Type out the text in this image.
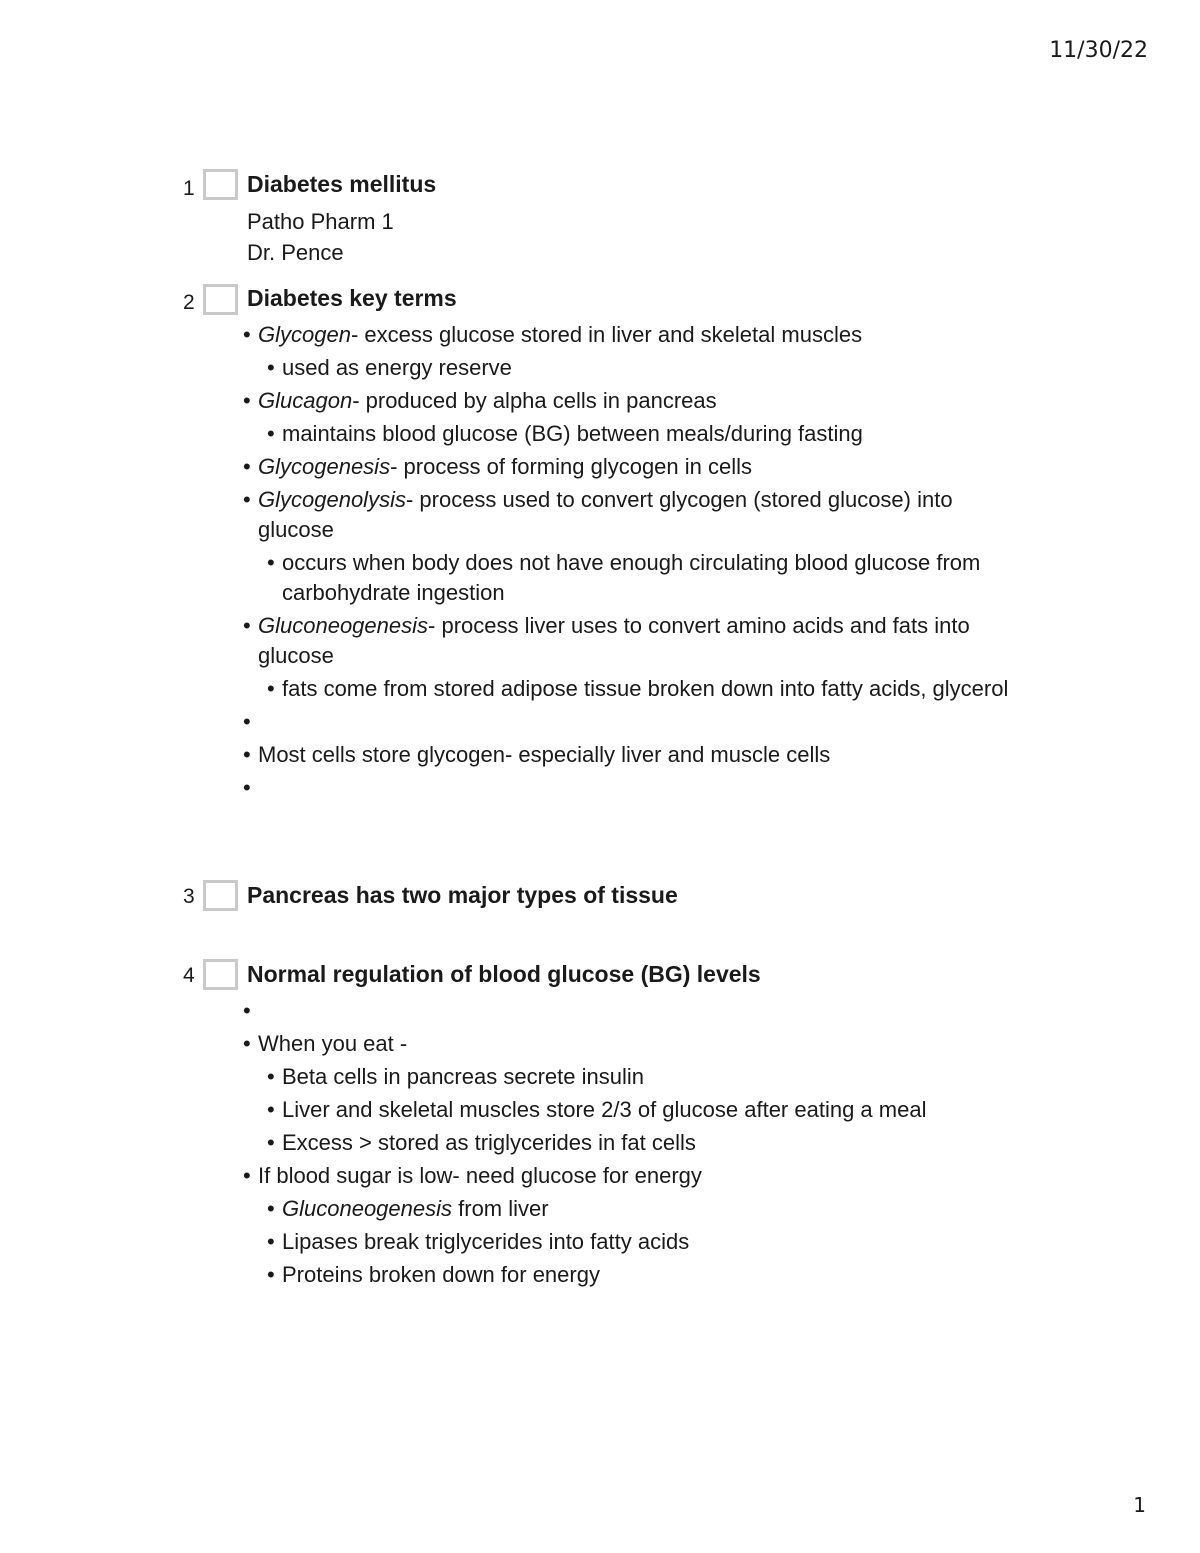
11/30/22
1 Diabetes mellitus
Patho Pharm 1
Dr. Pence
2 Diabetes key terms
• Glycogen- excess glucose stored in liver and skeletal muscles
• used as energy reserve
• Glucagon- produced by alpha cells in pancreas
• maintains blood glucose (BG) between meals/during fasting
• Glycogenesis- process of forming glycogen in cells
• Glycogenolysis- process used to convert glycogen (stored glucose) into glucose
• occurs when body does not have enough circulating blood glucose from carbohydrate ingestion
• Gluconeogenesis- process liver uses to convert amino acids and fats into glucose
• fats come from stored adipose tissue broken down into fatty acids, glycerol
•

• Most cells store glycogen- especially liver and muscle cells
•

3 Pancreas has two major types of tissue
4 Normal regulation of blood glucose (BG) levels
•

• When you eat -
• Beta cells in pancreas secrete insulin
• Liver and skeletal muscles store 2/3 of glucose after eating a meal
• Excess > stored as triglycerides in fat cells
• If blood sugar is low- need glucose for energy
• Gluconeogenesis from liver
• Lipases break triglycerides into fatty acids
• Proteins broken down for energy
1
